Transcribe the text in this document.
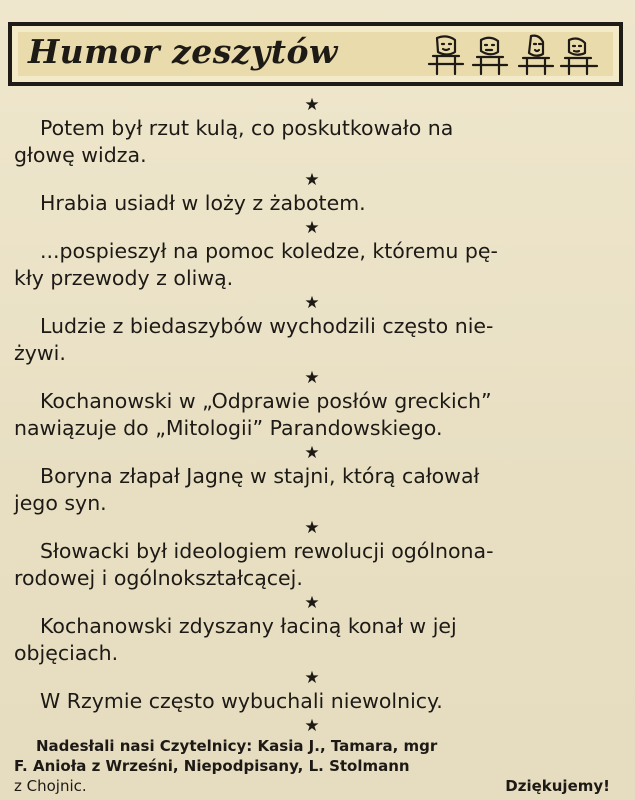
Humor zeszytów
★
Potem był rzut kulą, co poskutkowało na
głowę widza.
★
Hrabia usiadł w loży z żabotem.
★
...pospieszył na pomoc koledze, któremu pę-
kły przewody z oliwą.
★
Ludzie z biedaszybów wychodzili często nie-
żywi.
★
Kochanowski w „Odprawie posłów greckich”
nawiązuje do „Mitologii” Parandowskiego.
★
Boryna złapał Jagnę w stajni, którą całował
jego syn.
★
Słowacki był ideologiem rewolucji ogólnona-
rodowej i ogólnokształcącej.
★
Kochanowski zdyszany łaciną konał w jej
objęciach.
★
W Rzymie często wybuchali niewolnicy.
★
Nadesłali nasi Czytelnicy: Kasia J., Tamara, mgr
F. Anioła z Wrześni, Niepodpisany, L. Stolmann
z Chojnic.	Dziękujemy!
